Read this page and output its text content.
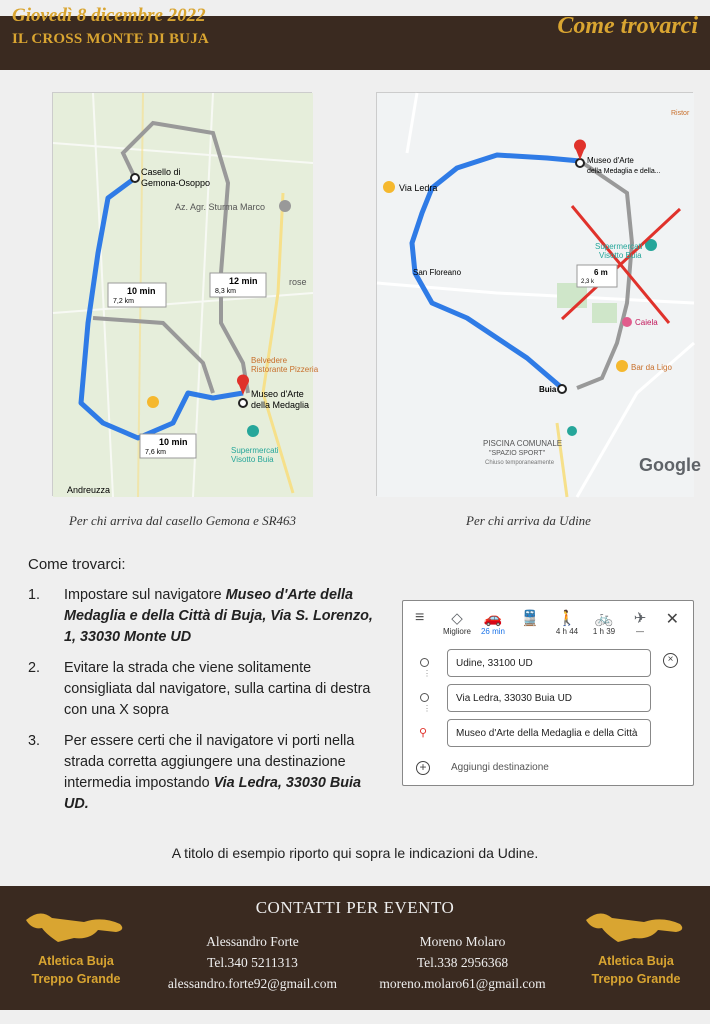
Giovedì 8 dicembre 2022
IL CROSS MONTE DI BUJA	Come trovarci
Casello di
Gemona-Osoppo
Az. Agr. Sturma Marco
rose
Belvedere
Ristorante Pizzeria
Museo d'Arte
della Medaglia
Supermercati
Visotto Buia
Andreuzza
10 min
7,2 km
12 min
8,3 km
10 min
7,6 km
Per chi arriva dal casello Gemona e SR463
Museo d'Arte
della Medaglia e della...
Via Ledra
San Floreano
Supermercati
Visotto Buia
Caiela
Bar da Ligo
Buia
PISCINA COMUNALE
"SPAZIO SPORT"
Chiuso temporaneamente	Google
Ristor
6 m
2,3 k
Per chi arriva da Udine
Come trovarci:
1.	Impostare sul navigatore Museo d'Arte della Medaglia e della Città di Buja, Via S. Lorenzo, 1, 33030 Monte UD
2.	Evitare la strada che viene solitamente consigliata dal navigatore, sulla cartina di destra con una X sopra
3.	Per essere certi che il navigatore vi porti nella strada corretta aggiungere una destinazione intermedia impostando Via Ledra, 33030 Buia UD.
≡	◇
Migliore
🚗
26 min
🚆	🚶
4 h 44
🚲
1 h 39
✈
—
✕
⋮
⋮
⚲
Udine, 33100 UD	×
Via Ledra, 33030 Buia UD
Museo d'Arte della Medaglia e della Città
+	Aggiungi destinazione
A titolo di esempio riporto qui sopra le indicazioni da Udine.
CONTATTI PER EVENTO
Atletica Buja
Treppo Grande
Atletica Buja
Treppo Grande
Alessandro Forte
Tel.340 5211313
alessandro.forte92@gmail.com
Moreno Molaro
Tel.338 2956368
moreno.molaro61@gmail.com
